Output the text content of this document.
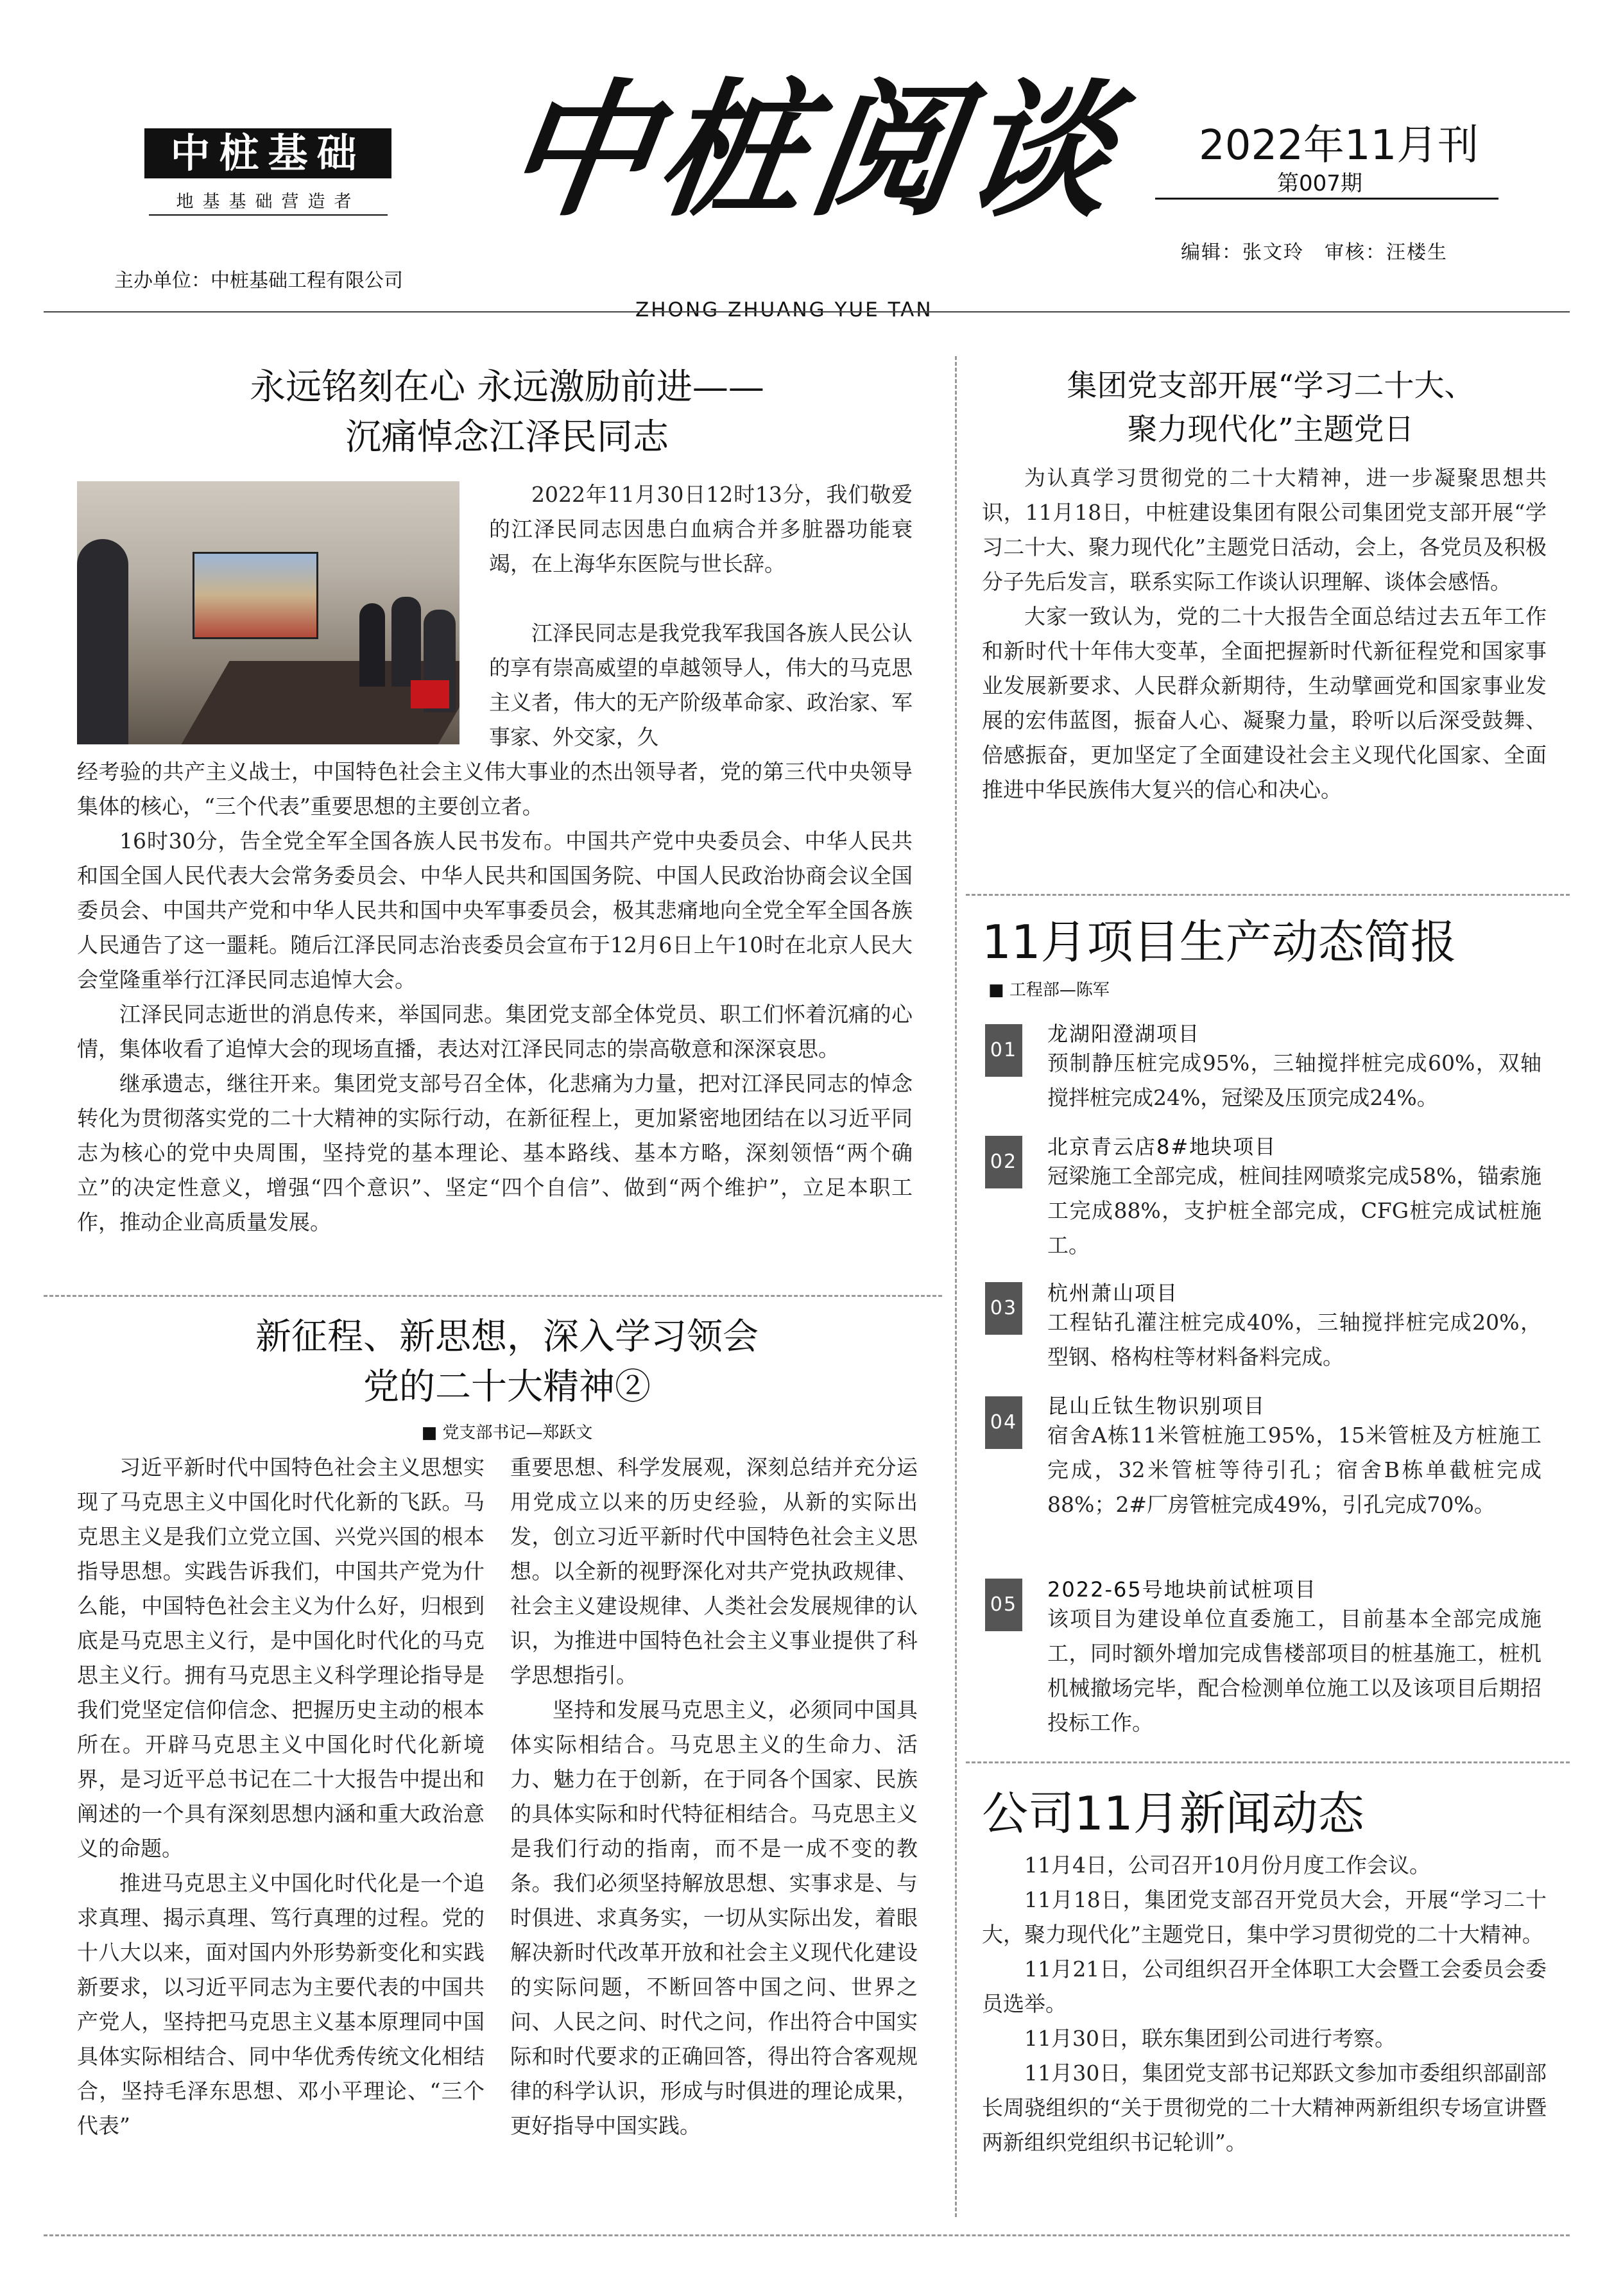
中桩基础
地基基础营造者
主办单位：中桩基础工程有限公司
中桩阅谈
ZHONG ZHUANG YUE TAN
2022年11月刊
第007期
编辑：张文玲　审核：汪楼生
永远铭刻在心 永远激励前进——
沉痛悼念江泽民同志

2022年11月30日12时13分，我们敬爱的江泽民同志因患白血病合并多脏器功能衰竭，在上海华东医院与世长辞。

江泽民同志是我党我军我国各族人民公认的享有崇高威望的卓越领导人，伟大的马克思主义者，伟大的无产阶级革命家、政治家、军事家、外交家，久

经考验的共产主义战士，中国特色社会主义伟大事业的杰出领导者，党的第三代中央领导集体的核心，“三个代表”重要思想的主要创立者。

16时30分，告全党全军全国各族人民书发布。中国共产党中央委员会、中华人民共和国全国人民代表大会常务委员会、中华人民共和国国务院、中国人民政治协商会议全国委员会、中国共产党和中华人民共和国中央军事委员会，极其悲痛地向全党全军全国各族人民通告了这一噩耗。随后江泽民同志治丧委员会宣布于12月6日上午10时在北京人民大会堂隆重举行江泽民同志追悼大会。

江泽民同志逝世的消息传来，举国同悲。集团党支部全体党员、职工们怀着沉痛的心情，集体收看了追悼大会的现场直播，表达对江泽民同志的崇高敬意和深深哀思。

继承遗志，继往开来。集团党支部号召全体，化悲痛为力量，把对江泽民同志的悼念转化为贯彻落实党的二十大精神的实际行动，在新征程上，更加紧密地团结在以习近平同志为核心的党中央周围，坚持党的基本理论、基本路线、基本方略，深刻领悟“两个确立”的决定性意义，增强“四个意识”、坚定“四个自信”、做到“两个维护”，立足本职工作，推动企业高质量发展。

新征程、新思想，深入学习领会
党的二十大精神②
■ 党支部书记—郑跃文

习近平新时代中国特色社会主义思想实现了马克思主义中国化时代化新的飞跃。马克思主义是我们立党立国、兴党兴国的根本指导思想。实践告诉我们，中国共产党为什么能，中国特色社会主义为什么好，归根到底是马克思主义行，是中国化时代化的马克思主义行。拥有马克思主义科学理论指导是我们党坚定信仰信念、把握历史主动的根本所在。开辟马克思主义中国化时代化新境界，是习近平总书记在二十大报告中提出和阐述的一个具有深刻思想内涵和重大政治意义的命题。

推进马克思主义中国化时代化是一个追求真理、揭示真理、笃行真理的过程。党的十八大以来，面对国内外形势新变化和实践新要求，以习近平同志为主要代表的中国共产党人，坚持把马克思主义基本原理同中国具体实际相结合、同中华优秀传统文化相结合，坚持毛泽东思想、邓小平理论、“三个代表”

重要思想、科学发展观，深刻总结并充分运用党成立以来的历史经验，从新的实际出发，创立习近平新时代中国特色社会主义思想。以全新的视野深化对共产党执政规律、社会主义建设规律、人类社会发展规律的认识，为推进中国特色社会主义事业提供了科学思想指引。

坚持和发展马克思主义，必须同中国具体实际相结合。马克思主义的生命力、活力、魅力在于创新，在于同各个国家、民族的具体实际和时代特征相结合。马克思主义是我们行动的指南，而不是一成不变的教条。我们必须坚持解放思想、实事求是、与时俱进、求真务实，一切从实际出发，着眼解决新时代改革开放和社会主义现代化建设的实际问题，不断回答中国之问、世界之问、人民之问、时代之问，作出符合中国实际和时代要求的正确回答，得出符合客观规律的科学认识，形成与时俱进的理论成果，更好指导中国实践。

集团党支部开展“学习二十大、
聚力现代化”主题党日

为认真学习贯彻党的二十大精神，进一步凝聚思想共识，11月18日，中桩建设集团有限公司集团党支部开展“学习二十大、聚力现代化”主题党日活动，会上，各党员及积极分子先后发言，联系实际工作谈认识理解、谈体会感悟。

大家一致认为，党的二十大报告全面总结过去五年工作和新时代十年伟大变革，全面把握新时代新征程党和国家事业发展新要求、人民群众新期待，生动擘画党和国家事业发展的宏伟蓝图，振奋人心、凝聚力量，聆听以后深受鼓舞、倍感振奋，更加坚定了全面建设社会主义现代化国家、全面推进中华民族伟大复兴的信心和决心。

11月项目生产动态简报
■ 工程部—陈军
01
龙湖阳澄湖项目
预制静压桩完成95%，三轴搅拌桩完成60%，双轴搅拌桩完成24%，冠梁及压顶完成24%。
02
北京青云店8#地块项目
冠梁施工全部完成，桩间挂网喷浆完成58%，锚索施工完成88%，支护桩全部完成，CFG桩完成试桩施工。
03
杭州萧山项目
工程钻孔灌注桩完成40%，三轴搅拌桩完成20%，型钢、格构柱等材料备料完成。
04
昆山丘钛生物识别项目
宿舍A栋11米管桩施工95%，15米管桩及方桩施工完成，32米管桩等待引孔；宿舍B栋单截桩完成88%；2#厂房管桩完成49%，引孔完成70%。
05
2022-65号地块前试桩项目
该项目为建设单位直委施工，目前基本全部完成施工，同时额外增加完成售楼部项目的桩基施工，桩机机械撤场完毕，配合检测单位施工以及该项目后期招投标工作。
公司11月新闻动态

11月4日，公司召开10月份月度工作会议。

11月18日，集团党支部召开党员大会，开展“学习二十大，聚力现代化”主题党日，集中学习贯彻党的二十大精神。

11月21日，公司组织召开全体职工大会暨工会委员会委员选举。

11月30日，联东集团到公司进行考察。

11月30日，集团党支部书记郑跃文参加市委组织部副部长周骁组织的“关于贯彻党的二十大精神两新组织专场宣讲暨两新组织党组织书记轮训”。
